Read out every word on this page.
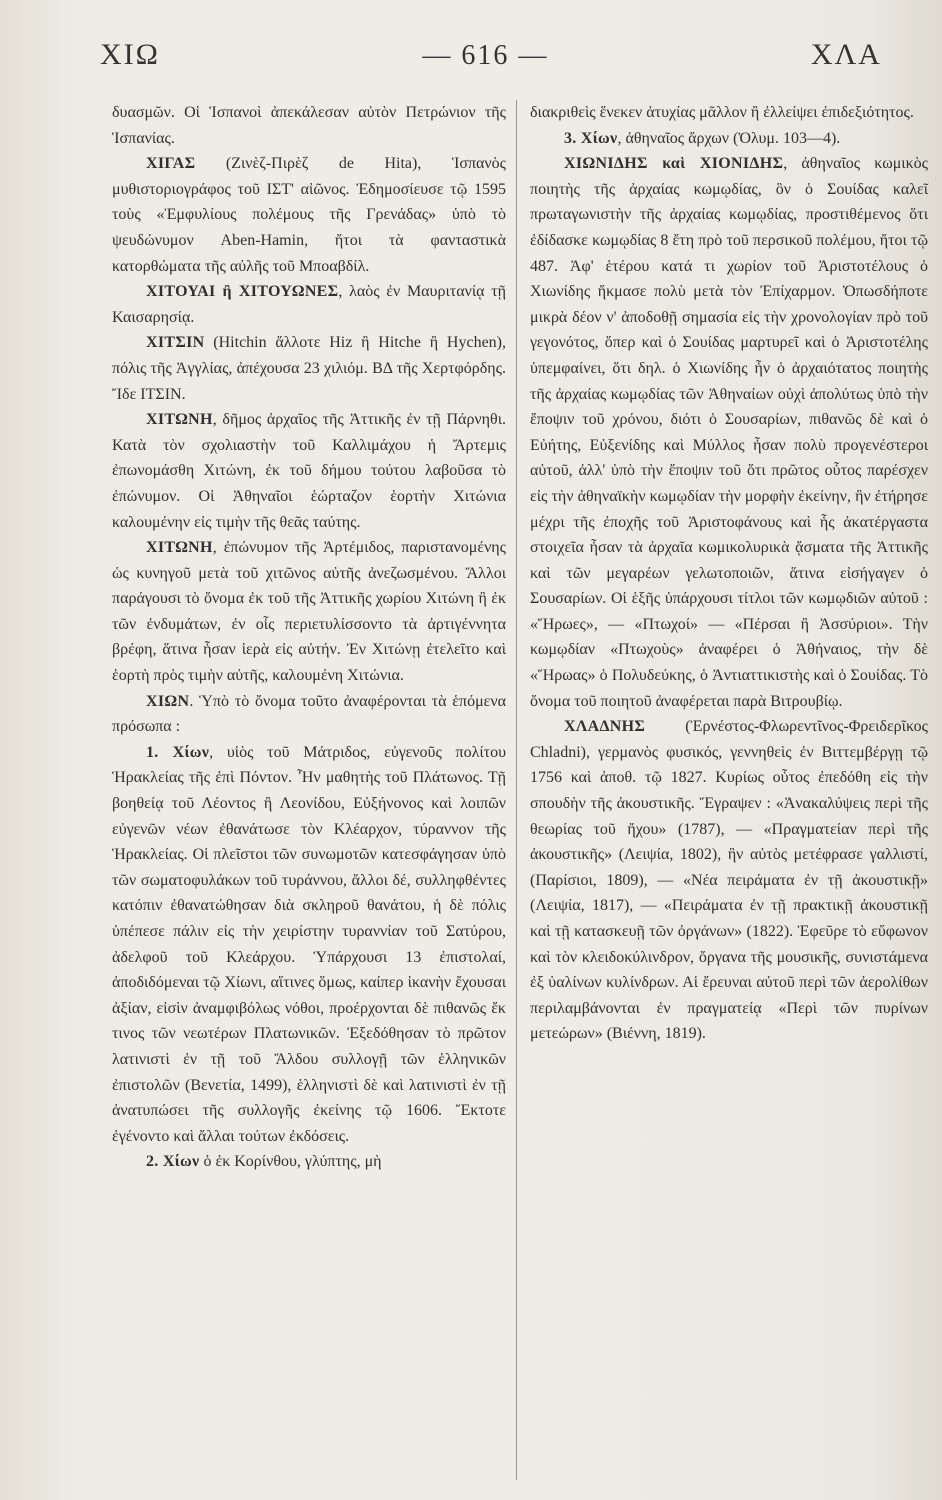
ΧΙΩ	— 616 —	ΧΛΑ

δυασμῶν. Οἱ Ἱσπανοὶ ἀπεκάλεσαν αὐτὸν Πετρώνιον τῆς Ἱσπανίας.

ΧΙΓΑΣ (Ζινὲζ-Πιρὲζ de Hita), Ἱσπανὸς μυθιστοριογράφος τοῦ ΙΣΤ' αἰῶνος. Ἐδημοσίευσε τῷ 1595 τοὺς «Ἐμφυλίους πολέμους τῆς Γρενάδας» ὑπὸ τὸ ψευδώνυμον Aben-Hamin, ἤτοι τὰ φανταστικὰ κατορθώματα τῆς αὐλῆς τοῦ Μποαβδίλ.

ΧΙΤΟΥΑΙ ἢ ΧΙΤΟΥΩΝΕΣ, λαὸς ἐν Μαυριτανίᾳ τῇ Καισαρησίᾳ.

ΧΙΤΣΙΝ (Hitchin ἄλλοτε Hiz ἢ Hitche ἢ Hychen), πόλις τῆς Ἀγγλίας, ἀπέχουσα 23 χιλιόμ. ΒΔ τῆς Χερτφόρδης. Ἴδε ΙΤΣΙΝ.

ΧΙΤΩΝΗ, δῆμος ἀρχαῖος τῆς Ἀττικῆς ἐν τῇ Πάρνηθι. Κατὰ τὸν σχολιαστὴν τοῦ Καλλιμάχου ἡ Ἄρτεμις ἐπωνομάσθη Χιτώνη, ἐκ τοῦ δήμου τούτου λαβοῦσα τὸ ἐπώνυμον. Οἱ Ἀθηναῖοι ἑώρταζον ἑορτὴν Χιτώνια καλουμένην εἰς τιμὴν τῆς θεᾶς ταύτης.

ΧΙΤΩΝΗ, ἐπώνυμον τῆς Ἀρτέμιδος, παριστανομένης ὡς κυνηγοῦ μετὰ τοῦ χιτῶνος αὐτῆς ἀνεζωσμένου. Ἄλλοι παράγουσι τὸ ὄνομα ἐκ τοῦ τῆς Ἀττικῆς χωρίου Χιτώνη ἢ ἐκ τῶν ἐνδυμάτων, ἐν οἷς περιετυλίσσοντο τὰ ἀρτιγέννητα βρέφη, ἅτινα ἦσαν ἱερὰ εἰς αὐτήν. Ἐν Χιτώνῃ ἐτελεῖτο καὶ ἑορτὴ πρὸς τιμὴν αὐτῆς, καλουμένη Χιτώνια.

ΧΙΩΝ. Ὑπὸ τὸ ὄνομα τοῦτο ἀναφέρονται τὰ ἑπόμενα πρόσωπα :

1. Χίων, υἱὸς τοῦ Μάτριδος, εὐγενοῦς πολίτου Ἡρακλείας τῆς ἐπὶ Πόντον. Ἦν μαθητὴς τοῦ Πλάτωνος. Τῇ βοηθείᾳ τοῦ Λέοντος ἢ Λεονίδου, Εὐξήνονος καὶ λοιπῶν εὐγενῶν νέων ἐθανάτωσε τὸν Κλέαρχον, τύραννον τῆς Ἡρακλείας. Οἱ πλεῖστοι τῶν συνωμοτῶν κατεσφάγησαν ὑπὸ τῶν σωματοφυλάκων τοῦ τυράννου, ἄλλοι δέ, συλληφθέντες κατόπιν ἐθανατώθησαν διὰ σκληροῦ θανάτου, ἡ δὲ πόλις ὑπέπεσε πάλιν εἰς τὴν χειρίστην τυραννίαν τοῦ Σατύρου, ἀδελφοῦ τοῦ Κλεάρχου. Ὑπάρχουσι 13 ἐπιστολαί, ἀποδιδόμεναι τῷ Χίωνι, αἵτινες ὅμως, καίπερ ἱκανὴν ἔχουσαι ἀξίαν, εἰσὶν ἀναμφιβόλως νόθοι, προέρχονται δὲ πιθανῶς ἔκ τινος τῶν νεωτέρων Πλατωνικῶν. Ἐξεδόθησαν τὸ πρῶτον λατινιστὶ ἐν τῇ τοῦ Ἄλδου συλλογῇ τῶν ἑλληνικῶν ἐπιστολῶν (Βενετία, 1499), ἑλληνιστὶ δὲ καὶ λατινιστὶ ἐν τῇ ἀνατυπώσει τῆς συλλογῆς ἐκείνης τῷ 1606. Ἔκτοτε ἐγένοντο καὶ ἄλλαι τούτων ἐκδόσεις.

2. Χίων ὁ ἐκ Κορίνθου, γλύπτης, μὴ

διακριθεὶς ἕνεκεν ἀτυχίας μᾶλλον ἢ ἐλλείψει ἐπιδεξιότητος.

3. Χίων, ἀθηναῖος ἄρχων (Ὀλυμ. 103—4).

ΧΙΩΝΙΔΗΣ καὶ ΧΙΟΝΙΔΗΣ, ἀθηναῖος κωμικὸς ποιητὴς τῆς ἀρχαίας κωμῳδίας, ὃν ὁ Σουίδας καλεῖ πρωταγωνιστὴν τῆς ἀρχαίας κωμῳδίας, προστιθέμενος ὅτι ἐδίδασκε κωμῳδίας 8 ἔτη πρὸ τοῦ περσικοῦ πολέμου, ἤτοι τῷ 487. Ἀφ' ἑτέρου κατά τι χωρίον τοῦ Ἀριστοτέλους ὁ Χιωνίδης ἤκμασε πολὺ μετὰ τὸν Ἐπίχαρμον. Ὁπωσδήποτε μικρὰ δέον ν' ἀποδοθῇ σημασία εἰς τὴν χρονολογίαν πρὸ τοῦ γεγονότος, ὅπερ καὶ ὁ Σουίδας μαρτυρεῖ καὶ ὁ Ἀριστοτέλης ὑπεμφαίνει, ὅτι δηλ. ὁ Χιωνίδης ἦν ὁ ἀρχαιότατος ποιητὴς τῆς ἀρχαίας κωμῳδίας τῶν Ἀθηναίων οὐχὶ ἀπολύτως ὑπὸ τὴν ἔποψιν τοῦ χρόνου, διότι ὁ Σουσαρίων, πιθανῶς δὲ καὶ ὁ Εὐήτης, Εὐξενίδης καὶ Μύλλος ἦσαν πολὺ προγενέστεροι αὐτοῦ, ἀλλ' ὑπὸ τὴν ἔποψιν τοῦ ὅτι πρῶτος οὗτος παρέσχεν εἰς τὴν ἀθηναϊκὴν κωμῳδίαν τὴν μορφὴν ἐκείνην, ἣν ἐτήρησε μέχρι τῆς ἐποχῆς τοῦ Ἀριστοφάνους καὶ ἧς ἀκατέργαστα στοιχεῖα ἦσαν τὰ ἀρχαῖα κωμικολυρικὰ ᾄσματα τῆς Ἀττικῆς καὶ τῶν μεγαρέων γελωτοποιῶν, ἅτινα εἰσήγαγεν ὁ Σουσαρίων. Οἱ ἑξῆς ὑπάρχουσι τίτλοι τῶν κωμῳδιῶν αὐτοῦ : «Ἥρωες», — «Πτωχοί» — «Πέρσαι ἢ Ἀσσύριοι». Τὴν κωμῳδίαν «Πτωχοὺς» ἀναφέρει ὁ Ἀθήναιος, τὴν δὲ «Ἥρωας» ὁ Πολυδεύκης, ὁ Ἀντιαττικιστὴς καὶ ὁ Σουίδας. Τὸ ὄνομα τοῦ ποιητοῦ ἀναφέρεται παρὰ Βιτρουβίῳ.

ΧΛΑΔΝΗΣ (Ἐρνέστος-Φλωρεντῖνος-Φρειδερῖκος Chladni), γερμανὸς φυσικός, γεννηθεὶς ἐν Βιττεμβέργῃ τῷ 1756 καὶ ἀποθ. τῷ 1827. Κυρίως οὗτος ἐπεδόθη εἰς τὴν σπουδὴν τῆς ἀκουστικῆς. Ἔγραψεν : «Ἀνακαλύψεις περὶ τῆς θεωρίας τοῦ ἤχου» (1787), — «Πραγματείαν περὶ τῆς ἀκουστικῆς» (Λειψία, 1802), ἣν αὐτὸς μετέφρασε γαλλιστί, (Παρίσιοι, 1809), — «Νέα πειράματα ἐν τῇ ἀκουστικῇ» (Λειψία, 1817), — «Πειράματα ἐν τῇ πρακτικῇ ἀκουστικῇ καὶ τῇ κατασκευῇ τῶν ὀργάνων» (1822). Ἐφεῦρε τὸ εὔφωνον καὶ τὸν κλειδοκύλινδρον, ὄργανα τῆς μουσικῆς, συνιστάμενα ἐξ ὑαλίνων κυλίνδρων. Αἱ ἔρευναι αὐτοῦ περὶ τῶν ἀερολίθων περιλαμβάνονται ἐν πραγματείᾳ «Περὶ τῶν πυρίνων μετεώρων» (Βιέννη, 1819).
